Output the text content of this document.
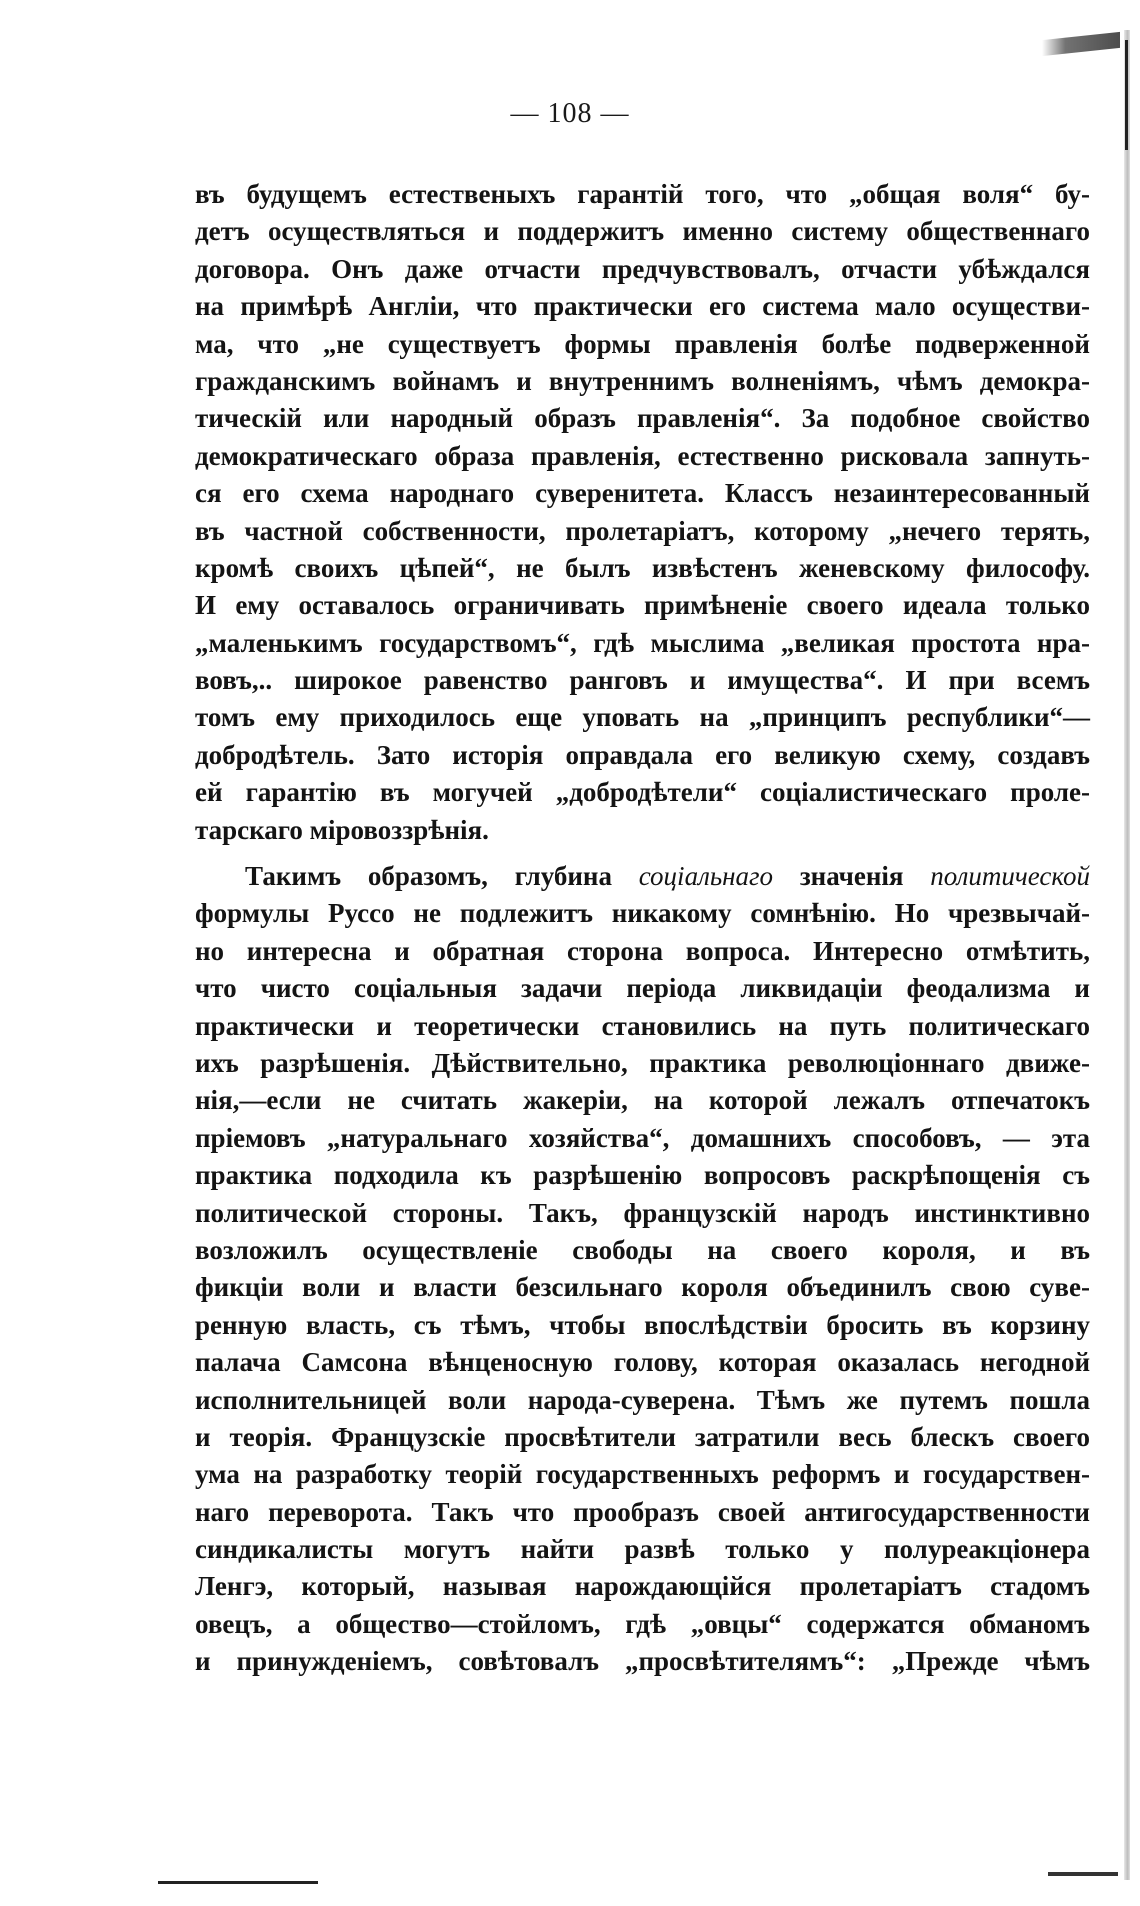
— 108 —
въ будущемъ естественыхъ гарантій того, что „общая воля“ бу-
детъ осуществляться и поддержитъ именно систему общественнаго
договора. Онъ даже отчасти предчувствовалъ, отчасти убѣждался
на примѣрѣ Англіи, что практически его система мало осуществи-
ма, что „не существуетъ формы правленія болѣе подверженной
гражданскимъ войнамъ и внутреннимъ волненіямъ, чѣмъ демокра-
тическій или народный образъ правленія“. За подобное свойство
демократическаго образа правленія, естественно рисковала запнуть-
ся его схема народнаго суверенитета. Классъ незаинтересованный
въ частной собственности, пролетаріатъ, которому „нечего терять,
кромѣ своихъ цѣпей“, не былъ извѣстенъ женевскому философу.
И ему оставалось ограничивать примѣненіе своего идеала только
„маленькимъ государствомъ“, гдѣ мыслима „великая простота нра-
вовъ,.. широкое равенство ранговъ и имущества“. И при всемъ
томъ ему приходилось еще уповать на „принципъ республики“—
добродѣтель. Зато исторія оправдала его великую схему, создавъ
ей гарантію въ могучей „добродѣтели“ соціалистическаго проле-
тарскаго міровоззрѣнія.
Такимъ образомъ, глубина соціальнаго значенія политической
формулы Руссо не подлежитъ никакому сомнѣнію. Но чрезвычай-
но интересна и обратная сторона вопроса. Интересно отмѣтить,
что чисто соціальныя задачи періода ликвидаціи феодализма и
практически и теоретически становились на путь политическаго
ихъ разрѣшенія. Дѣйствительно, практика революціоннаго движе-
нія,—если не считать жакеріи, на которой лежалъ отпечатокъ
пріемовъ „натуральнаго хозяйства“, домашнихъ способовъ, — эта
практика подходила къ разрѣшенію вопросовъ раскрѣпощенія съ
политической стороны. Такъ, французскій народъ инстинктивно
возложилъ осуществленіе свободы на своего короля, и въ
фикціи воли и власти безсильнаго короля объединилъ свою суве-
ренную власть, съ тѣмъ, чтобы впослѣдствіи бросить въ корзину
палача Самсона вѣнценосную голову, которая оказалась негодной
исполнительницей воли народа-суверена. Тѣмъ же путемъ пошла
и теорія. Французскіе просвѣтители затратили весь блескъ своего
ума на разработку теорій государственныхъ реформъ и государствен-
наго переворота. Такъ что прообразъ своей антигосударственности
синдикалисты могутъ найти развѣ только у полуреакціонера
Ленгэ, который, называя нарождающійся пролетаріатъ стадомъ
овецъ, а общество—стойломъ, гдѣ „овцы“ содержатся обманомъ
и принужденіемъ, совѣтовалъ „просвѣтителямъ“: „Прежде чѣмъ
